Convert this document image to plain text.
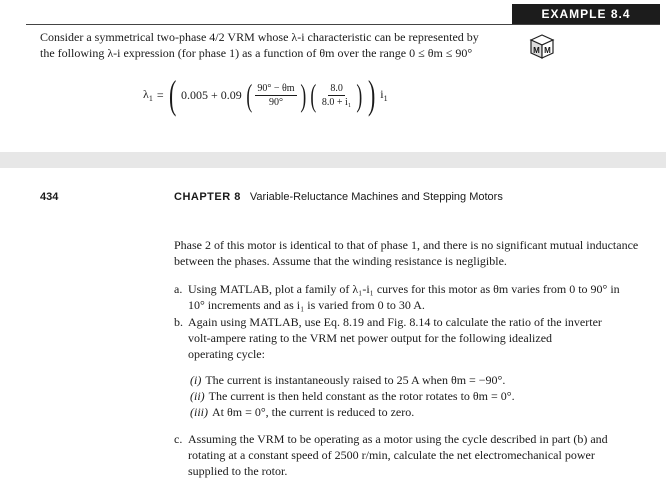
EXAMPLE 8.4
Consider a symmetrical two-phase 4/2 VRM whose λ-i characteristic can be represented by
the following λ-i expression (for phase 1) as a function of θm over the range 0 ≤ θm ≤ 90°	M M
$\lambda_1$ = ( 0.005 + 0.09 ( $\frac{90^\circ - \theta m}{90^\circ}$ ) ( $\frac{8.0}{\text{8.0 + i₁}}$ ) ) $i_1$
434	CHAPTER 8 Variable-Reluctance Machines and Stepping Motors
Phase 2 of this motor is identical to that of phase 1, and there is no significant mutual inductance
between the phases. Assume that the winding resistance is negligible.
a. Using MATLAB, plot a family of λ₁-i₁ curves for this motor as θm varies from 0 to 90° in
10° increments and as i₁ is varied from 0 to 30 A.
b. Again using MATLAB, use Eq. 8.19 and Fig. 8.14 to calculate the ratio of the inverter
volt-ampere rating to the VRM net power output for the following idealized
operating cycle:
(i) The current is instantaneously raised to 25 A when θm = −90°.
(ii) The current is then held constant as the rotor rotates to θm = 0°.
(iii) At θm = 0°, the current is reduced to zero.
c. Assuming the VRM to be operating as a motor using the cycle described in part (b) and
rotating at a constant speed of 2500 r/min, calculate the net electromechanical power
supplied to the rotor.
